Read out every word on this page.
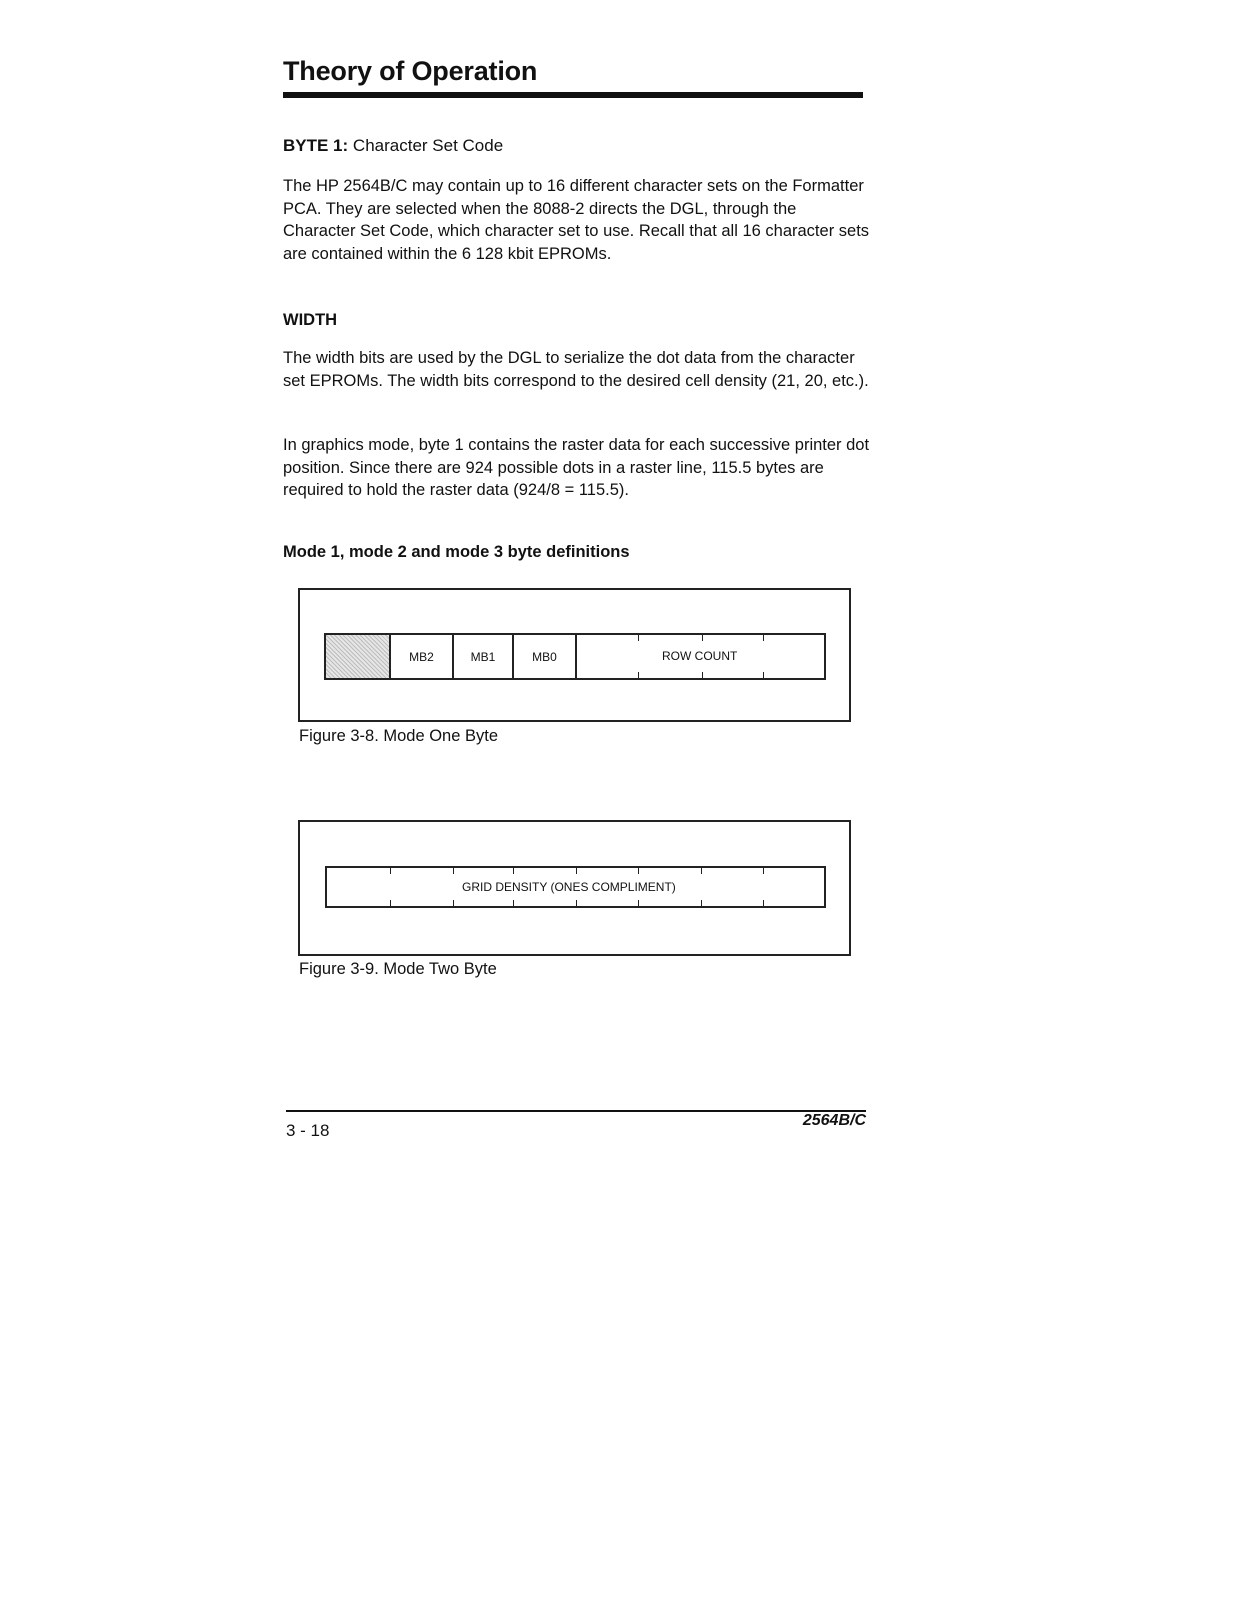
Theory of Operation
BYTE 1: Character Set Code

The HP 2564B/C may contain up to 16 different character sets on the Formatter PCA. They are selected when the 8088-2 directs the DGL, through the Character Set Code, which character set to use. Recall that all 16 character sets are contained within the 6 128 kbit EPROMs.

WIDTH

The width bits are used by the DGL to serialize the dot data from the character set EPROMs. The width bits correspond to the desired cell density (21, 20, etc.).

In graphics mode, byte 1 contains the raster data for each successive printer dot position. Since there are 924 possible dots in a raster line, 115.5 bytes are required to hold the raster data (924/8 = 115.5).

Mode 1, mode 2 and mode 3 byte definitions
MB2	MB1	MB0	ROW COUNT
Figure 3-8. Mode One Byte
GRID DENSITY (ONES COMPLIMENT)
Figure 3-9. Mode Two Byte
3 - 18
2564B/C
